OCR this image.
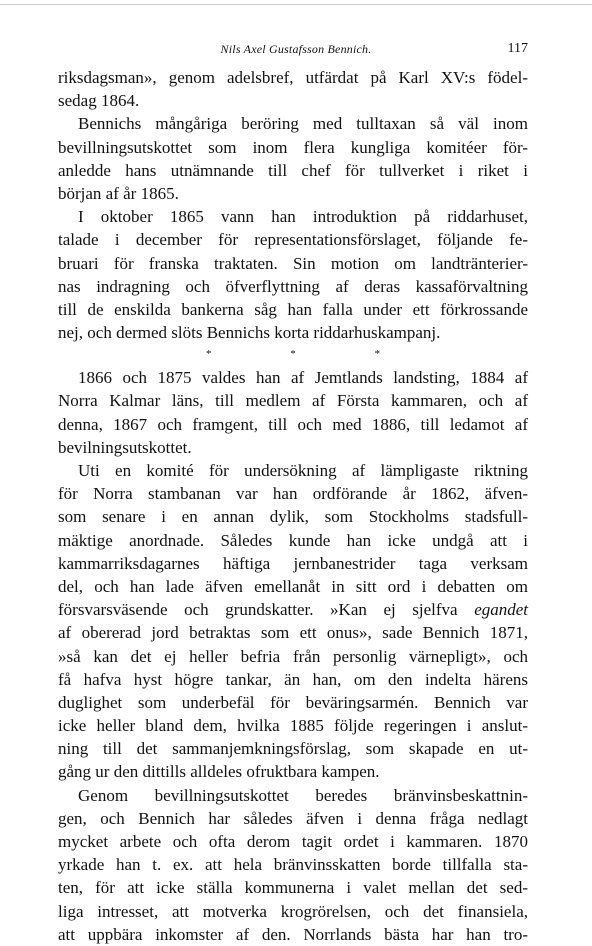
Nils Axel Gustafsson Bennich.	117
riksdagsman», genom adelsbref, utfärdat på Karl XV:s födel-
sedag 1864.
Bennichs mångåriga beröring med tulltaxan så väl inom
bevillningsutskottet som inom flera kungliga komitéer för-
anledde hans utnämnande till chef för tullverket i riket i
början af år 1865.
I oktober 1865 vann han introduktion på riddarhuset,
talade i december för representationsförslaget, följande fe-
bruari för franska traktaten. Sin motion om landtränterier-
nas indragning och öfverflyttning af deras kassaförvaltning
till de enskilda bankerna såg han falla under ett förkrossande
nej, och dermed slöts Bennichs korta riddarhuskampanj.
* * *
1866 och 1875 valdes han af Jemtlands landsting, 1884 af
Norra Kalmar läns, till medlem af Första kammaren, och af
denna, 1867 och framgent, till och med 1886, till ledamot af
bevilningsutskottet.
Uti en komité för undersökning af lämpligaste riktning
för Norra stambanan var han ordförande år 1862, äfven-
som senare i en annan dylik, som Stockholms stadsfull-
mäktige anordnade. Således kunde han icke undgå att i
kammarriksdagarnes häftiga jernbanestrider taga verksam
del, och han lade äfven emellanåt in sitt ord i debatten om
försvarsväsende och grundskatter. »Kan ej sjelfva egandet
af obererad jord betraktas som ett onus», sade Bennich 1871,
»så kan det ej heller befria från personlig värnepligt», och
få hafva hyst högre tankar, än han, om den indelta härens
duglighet som underbefäl för beväringsarmén. Bennich var
icke heller bland dem, hvilka 1885 följde regeringen i anslut-
ning till det sammanjemkningsförslag, som skapade en ut-
gång ur den dittills alldeles ofruktbara kampen.
Genom bevillningsutskottet beredes bränvinsbeskattnin-
gen, och Bennich har således äfven i denna fråga nedlagt
mycket arbete och ofta derom tagit ordet i kammaren. 1870
yrkade han t. ex. att hela bränvinsskatten borde tillfalla sta-
ten, för att icke ställa kommunerna i valet mellan det sed-
liga intresset, att motverka krogrörelsen, och det finansiela,
att uppbära inkomster af den. Norrlands bästa har han tro-
